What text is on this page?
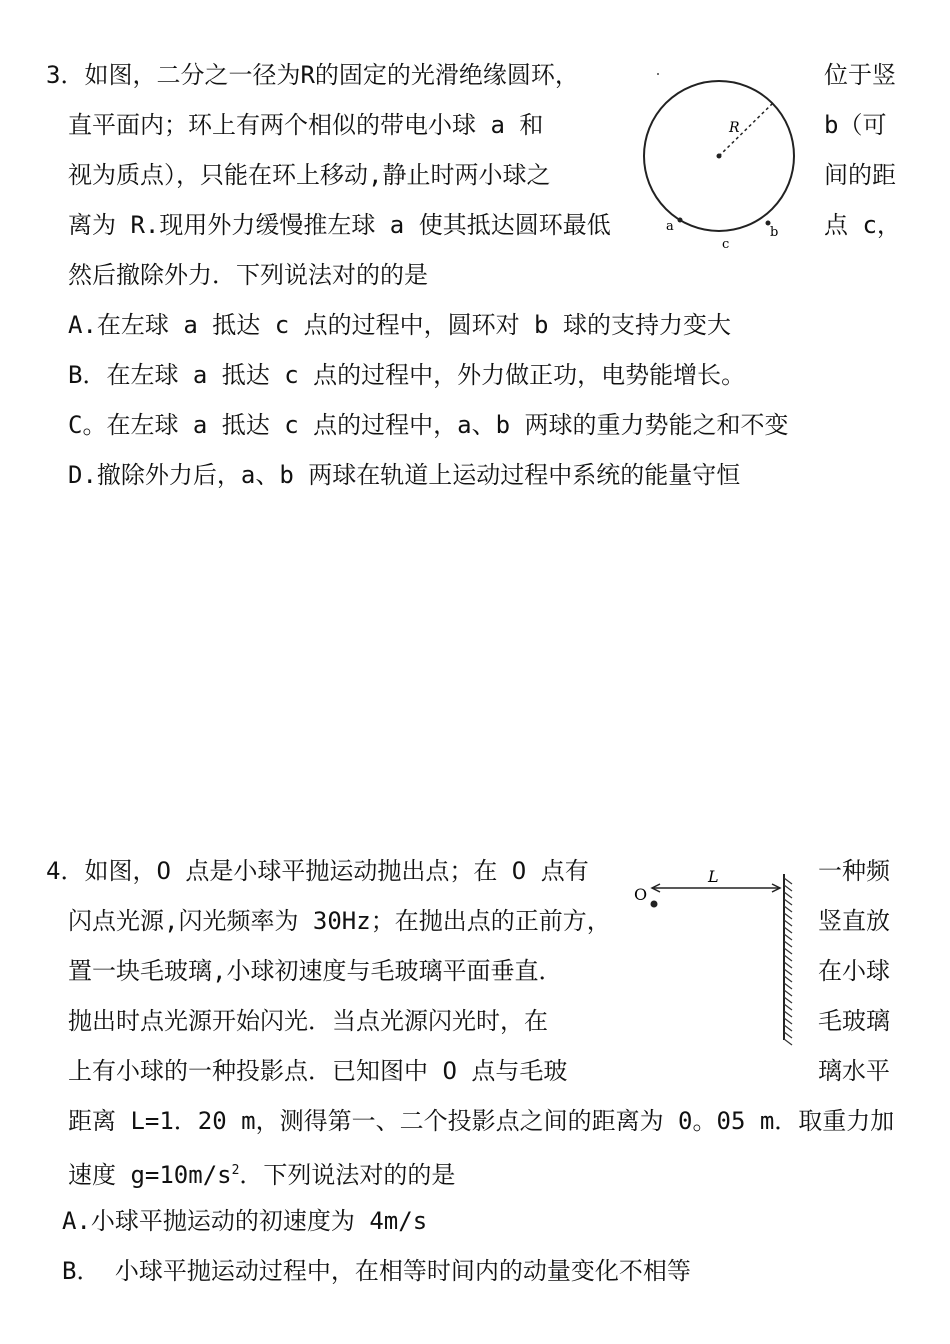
3．如图，二分之一径为R的固定的光滑绝缘圆环，	位于竖
直平面内；环上有两个相似的带电小球 a 和	b（可
视为质点），只能在环上移动,静止时两小球之	间的距
离为 R.现用外力缓慢推左球 a 使其抵达圆环最低	点 c，
然后撤除外力．下列说法对的的是
A.在左球 a 抵达 c 点的过程中，圆环对 b 球的支持力变大
B．在左球 a 抵达 c 点的过程中，外力做正功，电势能增长。
C。在左球 a 抵达 c 点的过程中，a、b 两球的重力势能之和不变
D.撤除外力后，a、b 两球在轨道上运动过程中系统的能量守恒
R
a	b
c
4．如图，O 点是小球平抛运动抛出点；在 O 点有	一种频
闪点光源,闪光频率为 30Hz；在抛出点的正前方，	竖直放
置一块毛玻璃,小球初速度与毛玻璃平面垂直．	在小球
抛出时点光源开始闪光．当点光源闪光时，在	毛玻璃
上有小球的一种投影点．已知图中 O 点与毛玻	璃水平
距离 L=1．20 m，测得第一、二个投影点之间的距离为 0。05 m．取重力加
速度 $g=10m/s^2$．下列说法对的的是
A.小球平抛运动的初速度为 4m/s
B． 小球平抛运动过程中，在相等时间内的动量变化不相等
O
L
